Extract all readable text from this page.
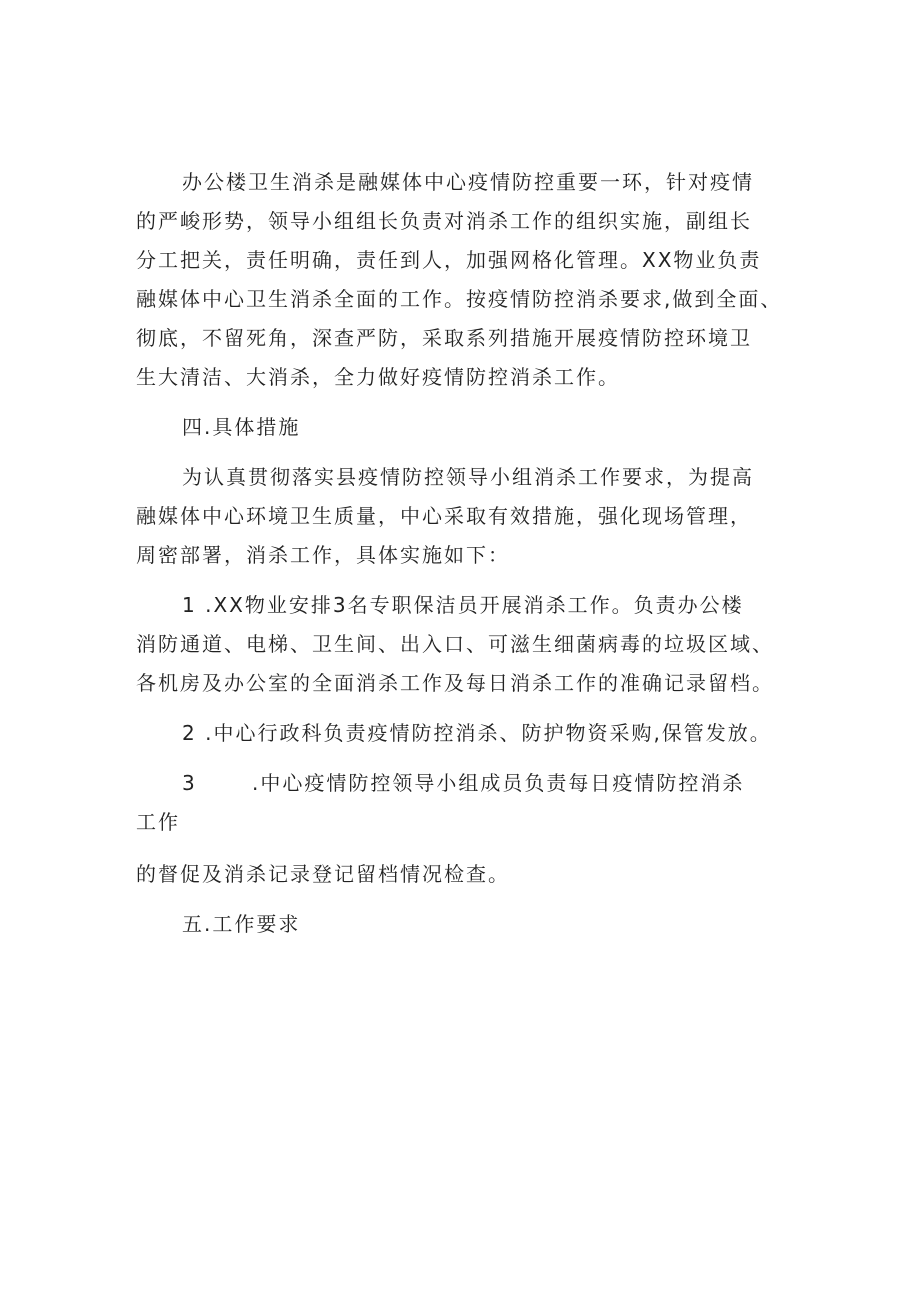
办公楼卫生消杀是融媒体中心疫情防控重要一环，针对疫情
的严峻形势，领导小组组长负责对消杀工作的组织实施，副组长
分工把关，责任明确，责任到人，加强网格化管理。XX物业负责
融媒体中心卫生消杀全面的工作。按疫情防控消杀要求,做到全面、
彻底，不留死角，深查严防，采取系列措施开展疫情防控环境卫
生大清洁、大消杀，全力做好疫情防控消杀工作。
四.具体措施
为认真贯彻落实县疫情防控领导小组消杀工作要求，为提高
融媒体中心环境卫生质量，中心采取有效措施，强化现场管理，
周密部署，消杀工作，具体实施如下：
1 .XX物业安排3名专职保洁员开展消杀工作。负责办公楼
消防通道、电梯、卫生间、出入口、可滋生细菌病毒的垃圾区域、
各机房及办公室的全面消杀工作及每日消杀工作的准确记录留档。
2 .中心行政科负责疫情防控消杀、防护物资采购,保管发放。
3	.中心疫情防控领导小组成员负责每日疫情防控消杀
工作
的督促及消杀记录登记留档情况检查。
五.工作要求
